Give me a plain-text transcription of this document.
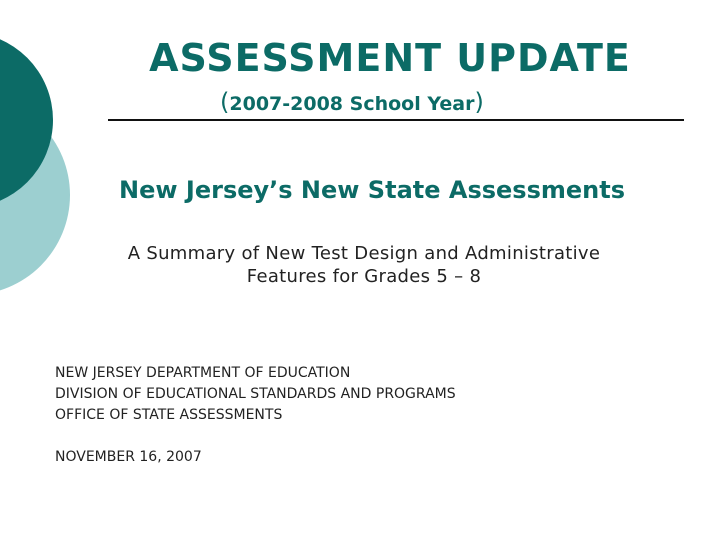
ASSESSMENT UPDATE
(2007-2008 School Year)
New Jersey’s New State Assessments
A Summary of New Test Design and Administrative
Features for Grades 5 – 8
NEW JERSEY DEPARTMENT OF EDUCATION
DIVISION OF EDUCATIONAL STANDARDS AND PROGRAMS
OFFICE OF STATE ASSESSMENTS
NOVEMBER 16, 2007
